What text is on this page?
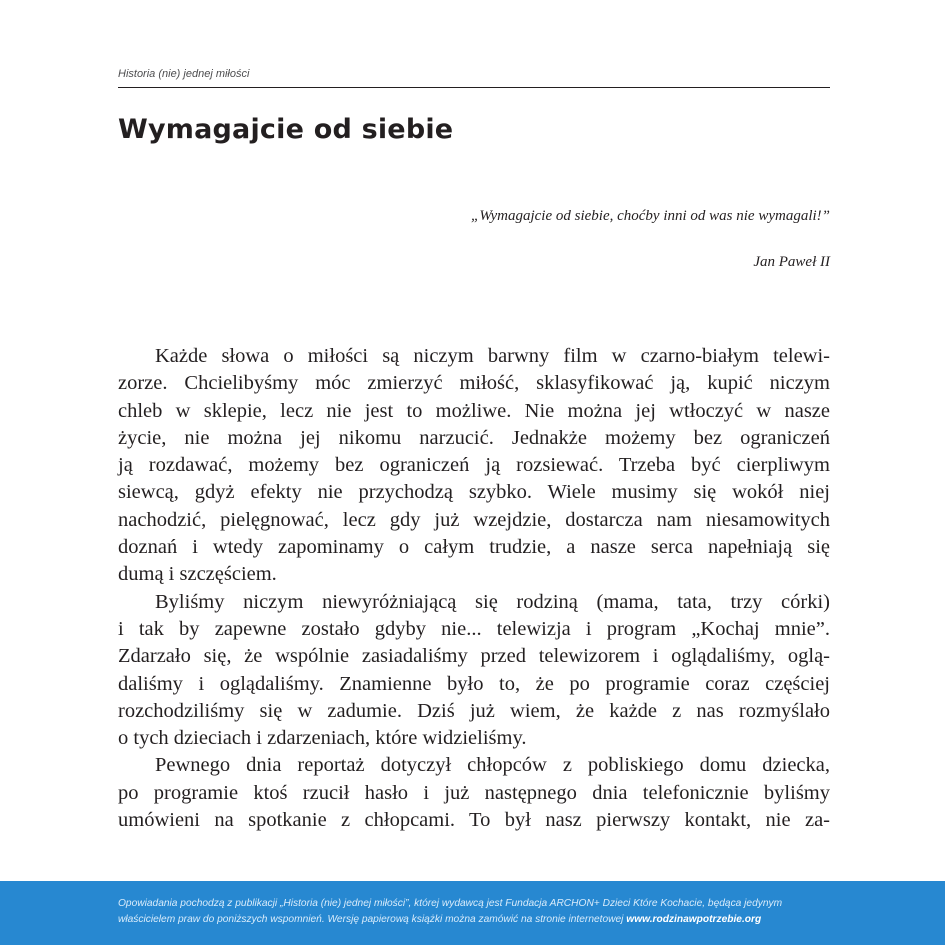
Historia (nie) jednej miłości
Wymagajcie od siebie
„Wymagajcie od siebie, choćby inni od was nie wymagali!”
Jan Paweł II
Każde słowa o miłości są niczym barwny film w czarno-białym telewi-
zorze. Chcielibyśmy móc zmierzyć miłość, sklasyfikować ją, kupić niczym
chleb w sklepie, lecz nie jest to możliwe. Nie można jej wtłoczyć w nasze
życie, nie można jej nikomu narzucić. Jednakże możemy bez ograniczeń
ją rozdawać, możemy bez ograniczeń ją rozsiewać. Trzeba być cierpliwym
siewcą, gdyż efekty nie przychodzą szybko. Wiele musimy się wokół niej
nachodzić, pielęgnować, lecz gdy już wzejdzie, dostarcza nam niesamowitych
doznań i wtedy zapominamy o całym trudzie, a nasze serca napełniają się
dumą i szczęściem.
Byliśmy niczym niewyróżniającą się rodziną (mama, tata, trzy córki)
i tak by zapewne zostało gdyby nie... telewizja i program „Kochaj mnie”.
Zdarzało się, że wspólnie zasiadaliśmy przed telewizorem i oglądaliśmy, oglą-
daliśmy i oglądaliśmy. Znamienne było to, że po programie coraz częściej
rozchodziliśmy się w zadumie. Dziś już wiem, że każde z nas rozmyślało
o tych dzieciach i zdarzeniach, które widzieliśmy.
Pewnego dnia reportaż dotyczył chłopców z pobliskiego domu dziecka,
po programie ktoś rzucił hasło i już następnego dnia telefonicznie byliśmy
umówieni na spotkanie z chłopcami. To był nasz pierwszy kontakt, nie za-
Opowiadania pochodzą z publikacji „Historia (nie) jednej miłości”, której wydawcą jest Fundacja ARCHON+ Dzieci Które Kochacie, będąca jedynym
właścicielem praw do poniższych wspomnień. Wersję papierową książki można zamówić na stronie internetowej www.rodzinawpotrzebie.org
